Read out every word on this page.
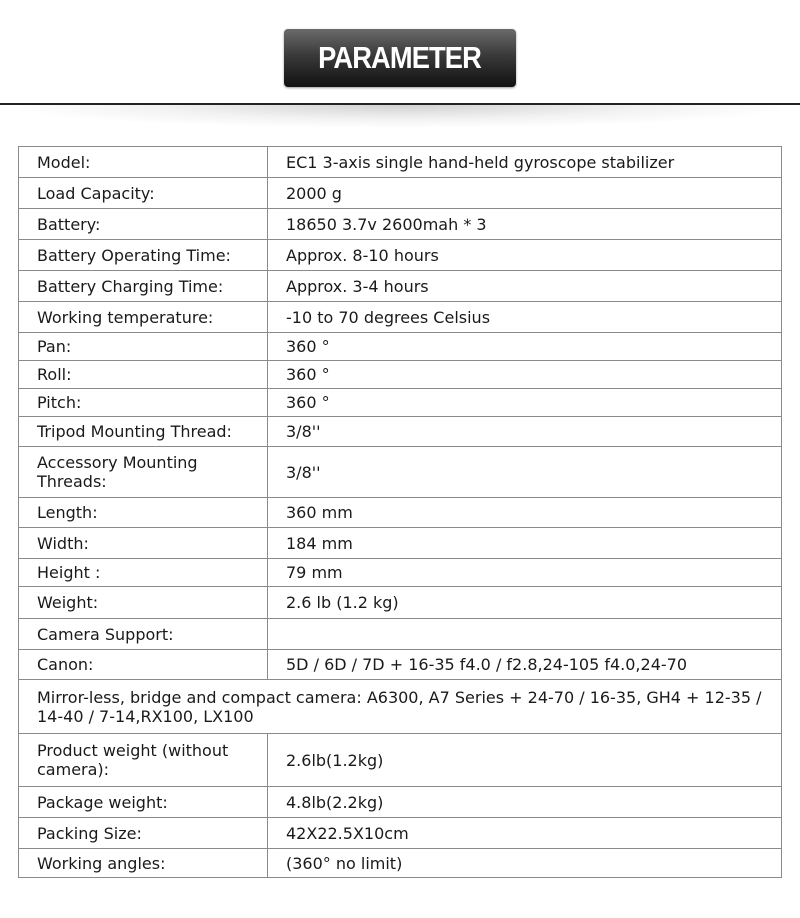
PARAMETER
Model:	EC1 3-axis single hand-held gyroscope stabilizer
Load Capacity:	2000 g
Battery:	18650 3.7v 2600mah * 3
Battery Operating Time:	Approx. 8-10 hours
Battery Charging Time:	Approx. 3-4 hours
Working temperature:	-10 to 70 degrees Celsius
Pan:	360 °
Roll:	360 °
Pitch:	360 °
Tripod Mounting Thread:	3/8''
Accessory Mounting Threads:	3/8''
Length:	360 mm
Width:	184 mm
Height :	79 mm
Weight:	2.6 lb (1.2 kg)
Camera Support:	
Canon:	5D / 6D / 7D + 16-35 f4.0 / f2.8,24-105 f4.0,24-70
Mirror-less, bridge and compact camera: A6300, A7 Series + 24-70 / 16-35, GH4 + 12-35 / 14-40 / 7-14,RX100, LX100	
Product weight (without camera):	2.6lb(1.2kg)
Package weight:	4.8lb(2.2kg)
Packing Size:	42X22.5X10cm
Working angles:	(360° no limit)
